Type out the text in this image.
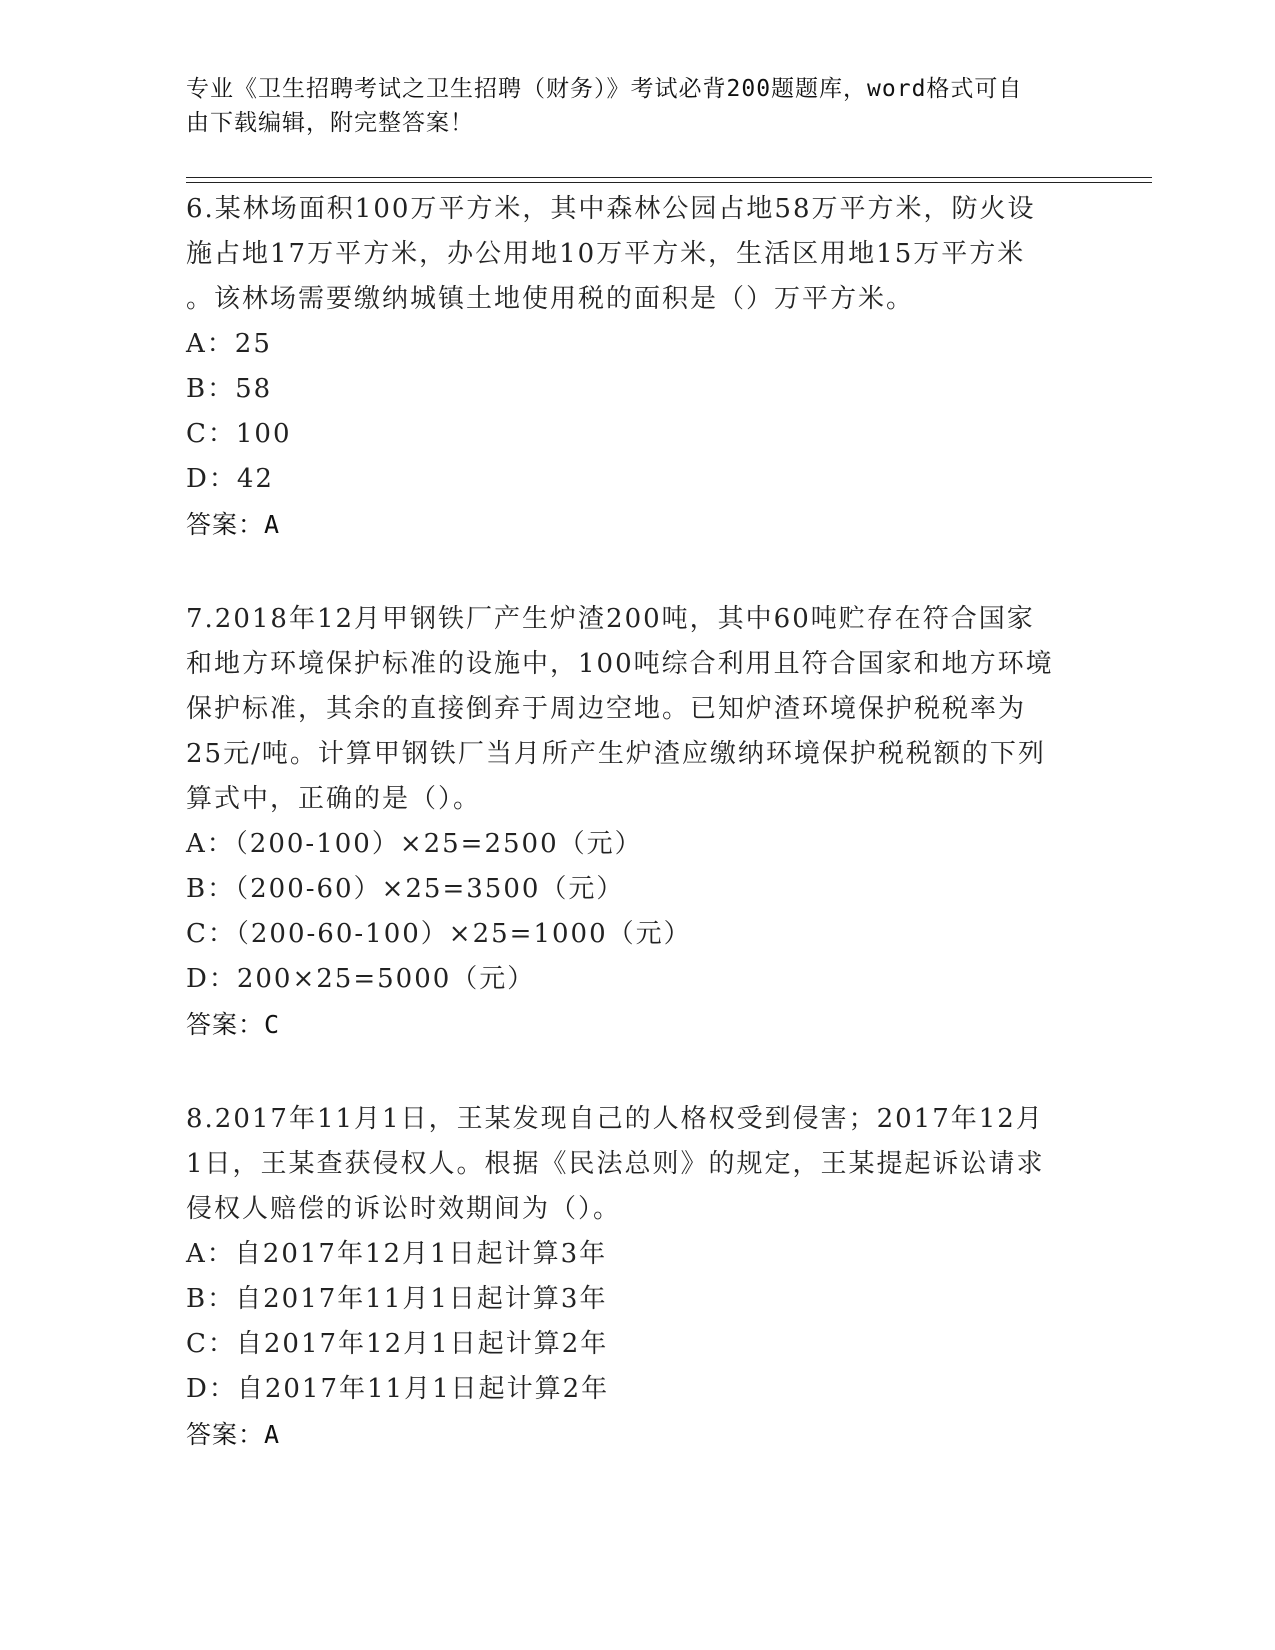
专业《卫生招聘考试之卫生招聘（财务）》考试必背200题题库，word格式可自
由下载编辑，附完整答案！
6.某林场面积100万平方米，其中森林公园占地58万平方米，防火设
施占地17万平方米，办公用地10万平方米，生活区用地15万平方米
。该林场需要缴纳城镇土地使用税的面积是（）万平方米。
A：25
B：58
C：100
D：42
答案：A
7.2018年12月甲钢铁厂产生炉渣200吨，其中60吨贮存在符合国家
和地方环境保护标准的设施中，100吨综合利用且符合国家和地方环境
保护标准，其余的直接倒弃于周边空地。已知炉渣环境保护税税率为
25元/吨。计算甲钢铁厂当月所产生炉渣应缴纳环境保护税税额的下列
算式中，正确的是（）。
A：（200-100）×25=2500（元）
B：（200-60）×25=3500（元）
C：（200-60-100）×25=1000（元）
D：200×25=5000（元）
答案：C
8.2017年11月1日，王某发现自己的人格权受到侵害；2017年12月
1日，王某查获侵权人。根据《民法总则》的规定，王某提起诉讼请求
侵权人赔偿的诉讼时效期间为（）。
A：自2017年12月1日起计算3年
B：自2017年11月1日起计算3年
C：自2017年12月1日起计算2年
D：自2017年11月1日起计算2年
答案：A
